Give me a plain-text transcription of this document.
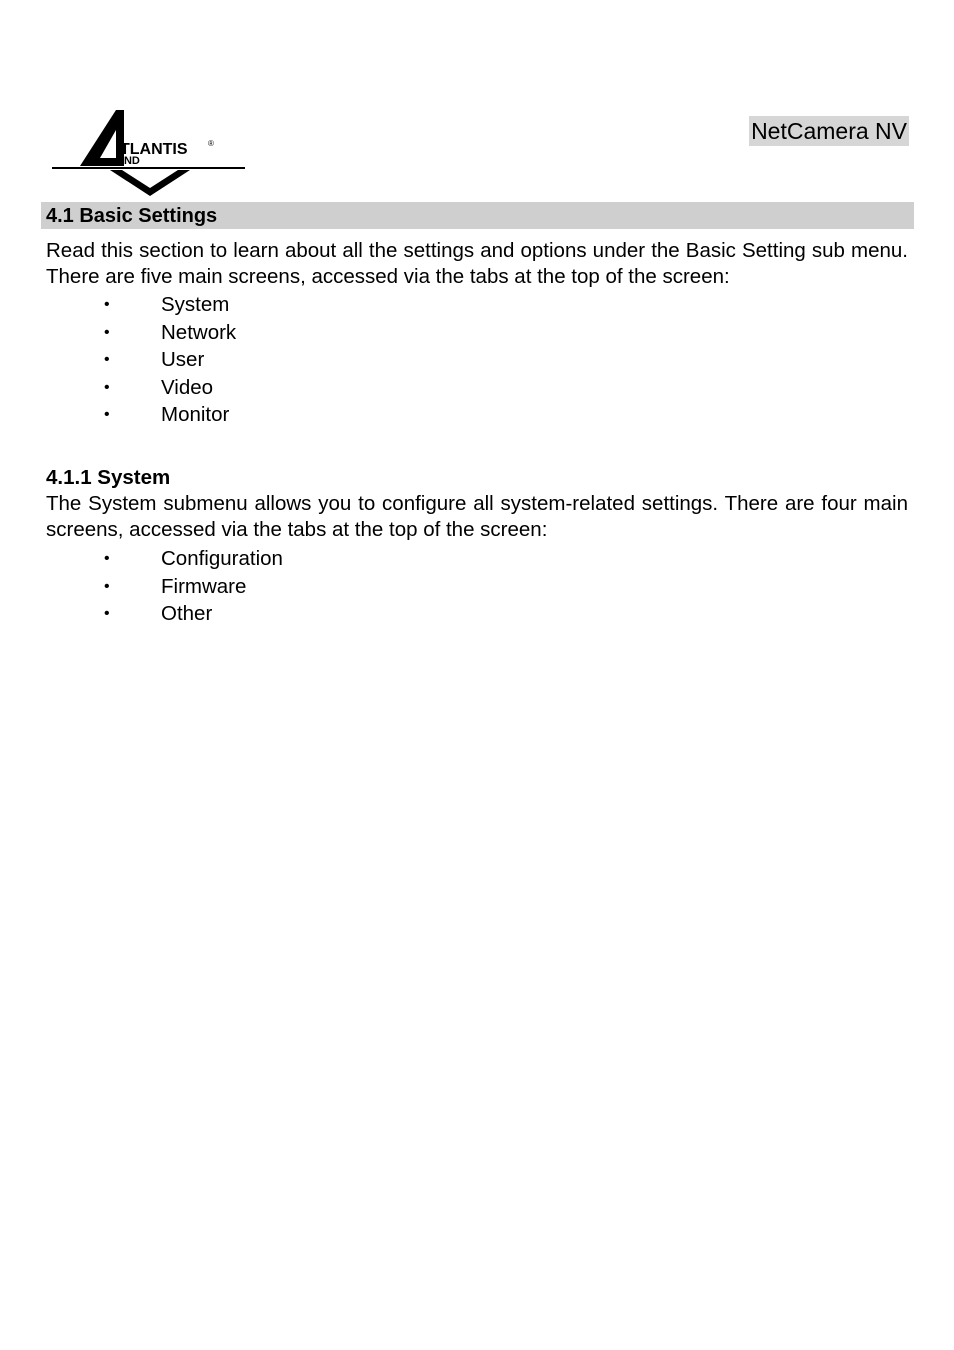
TLANTIS	®
AND
NetCamera NV
4.1 Basic Settings

Read this section to learn about all the settings and options under the Basic Setting sub menu. There are five main screens, accessed via the tabs at the top of the screen:

•	System
•	Network
•	User
•	Video
•	Monitor
4.1.1 System

The System submenu allows you to configure all system-related settings. There are four main screens, accessed via the tabs at the top of the screen:

•	Configuration
•	Firmware
•	Other
